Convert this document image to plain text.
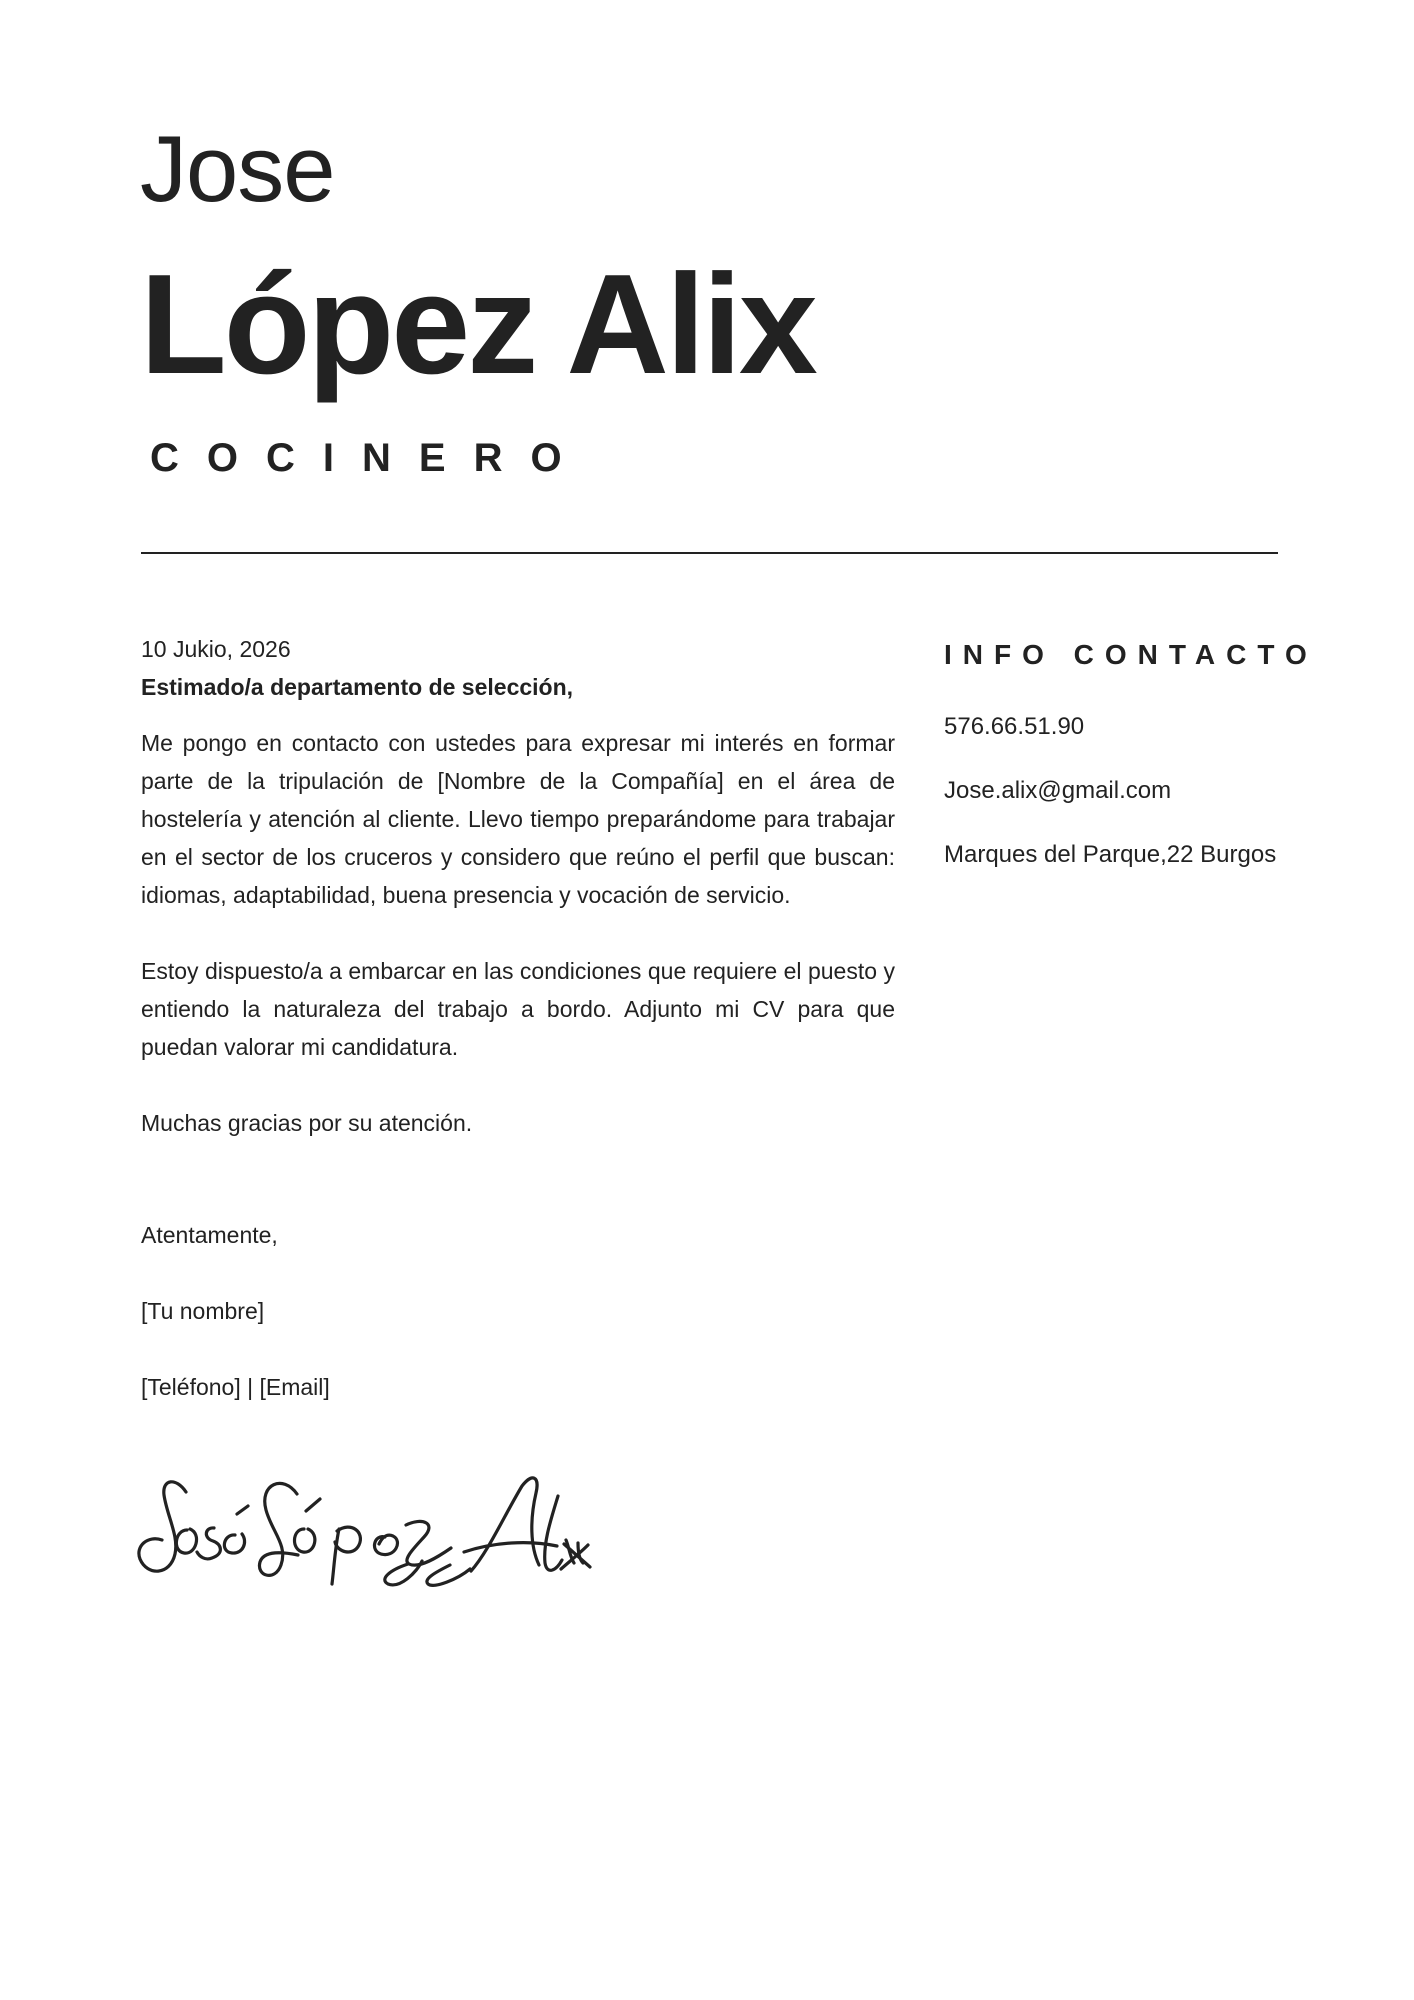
Jose
López Alix
COCINERO

10 Jukio, 2026

Estimado/a departamento de selección,

Me pongo en contacto con ustedes para expresar mi interés en formar parte de la tripulación de [Nombre de la Compañía] en el área de hostelería y atención al cliente. Llevo tiempo preparándome para trabajar en el sector de los cruceros y considero que reúno el perfil que buscan: idiomas, adaptabilidad, buena presencia y vocación de servicio.

Estoy dispuesto/a a embarcar en las condiciones que requiere el puesto y entiendo la naturaleza del trabajo a bordo. Adjunto mi CV para que puedan valorar mi candidatura.

Muchas gracias por su atención.

Atentamente,

[Tu nombre]

[Teléfono] | [Email]

INFO CONTACTO

576.66.51.90

Jose.alix@gmail.com

Marques del Parque,22 Burgos
